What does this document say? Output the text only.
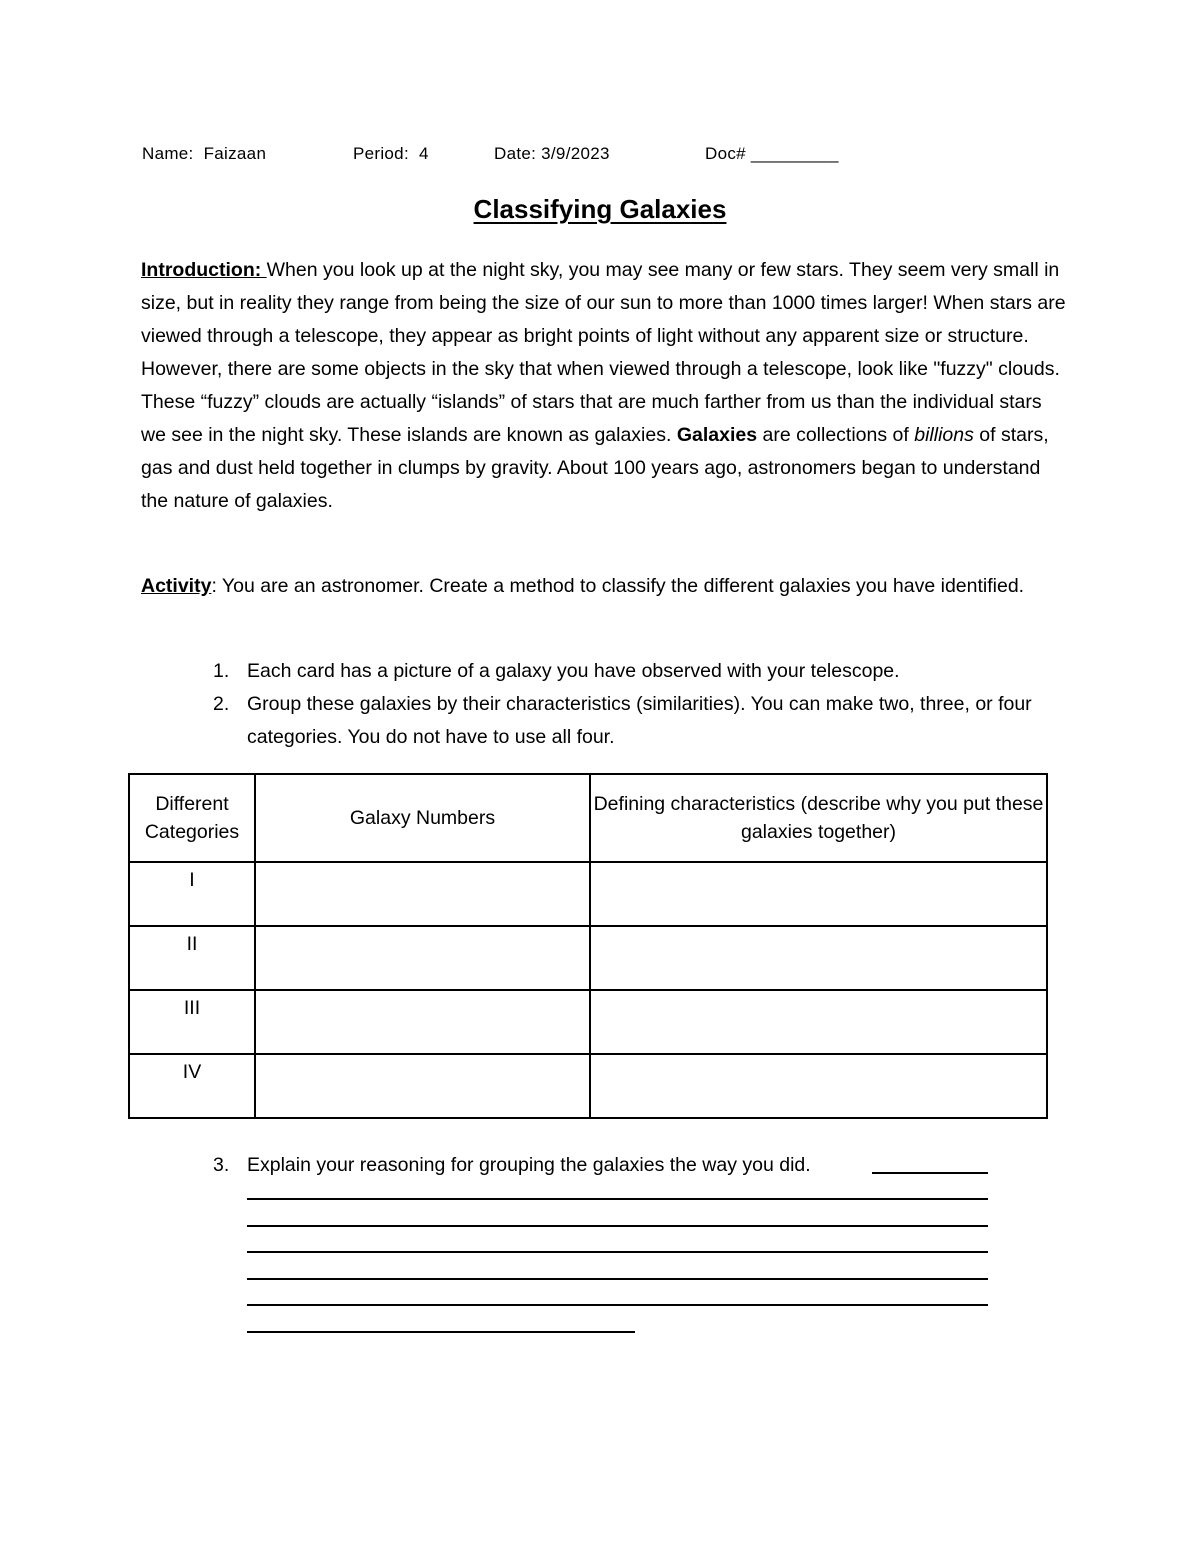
Name:  Faizaan	Period:  4	Date: 3/9/2023	Doc# _________
Classifying Galaxies
Introduction: When you look up at the night sky, you may see many or few stars. They seem very small in size, but in reality they range from being the size of our sun to more than 1000 times larger! When stars are viewed through a telescope, they appear as bright points of light without any apparent size or structure. However, there are some objects in the sky that when viewed through a telescope, look like "fuzzy" clouds. These “fuzzy” clouds are actually “islands” of stars that are much farther from us than the individual stars we see in the night sky. These islands are known as galaxies. Galaxies are collections of billions of stars, gas and dust held together in clumps by gravity. About 100 years ago, astronomers began to understand the nature of galaxies.
Activity: You are an astronomer. Create a method to classify the different galaxies you have identified.
1. Each card has a picture of a galaxy you have observed with your telescope.
2. Group these galaxies by their characteristics (similarities). You can make two, three, or four categories. You do not have to use all four.
Different Categories	Galaxy Numbers	Defining characteristics (describe why you put these galaxies together)
I		
II		
III		
IV		
3. Explain your reasoning for grouping the galaxies the way you did.
